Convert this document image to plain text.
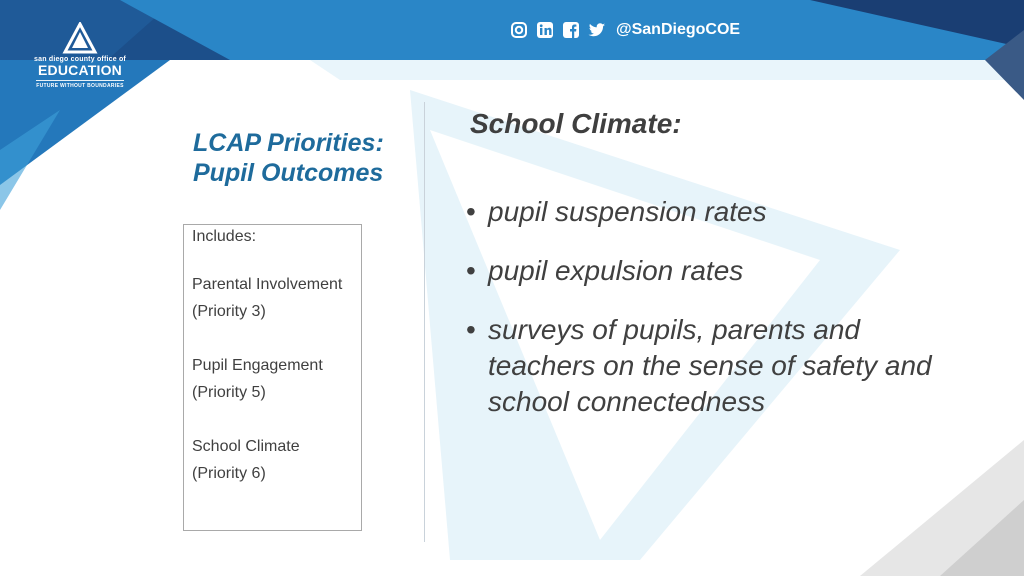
san diego county office of
EDUCATION
FUTURE WITHOUT BOUNDARIES
@SanDiegoCOE
LCAP Priorities:
Pupil Outcomes

Includes:

Parental Involvement

(Priority 3)

Pupil Engagement

(Priority 5)

School Climate

(Priority 6)

School Climate:
• pupil suspension rates
• pupil expulsion rates
• surveys of pupils, parents and teachers on the sense of safety and school connectedness
